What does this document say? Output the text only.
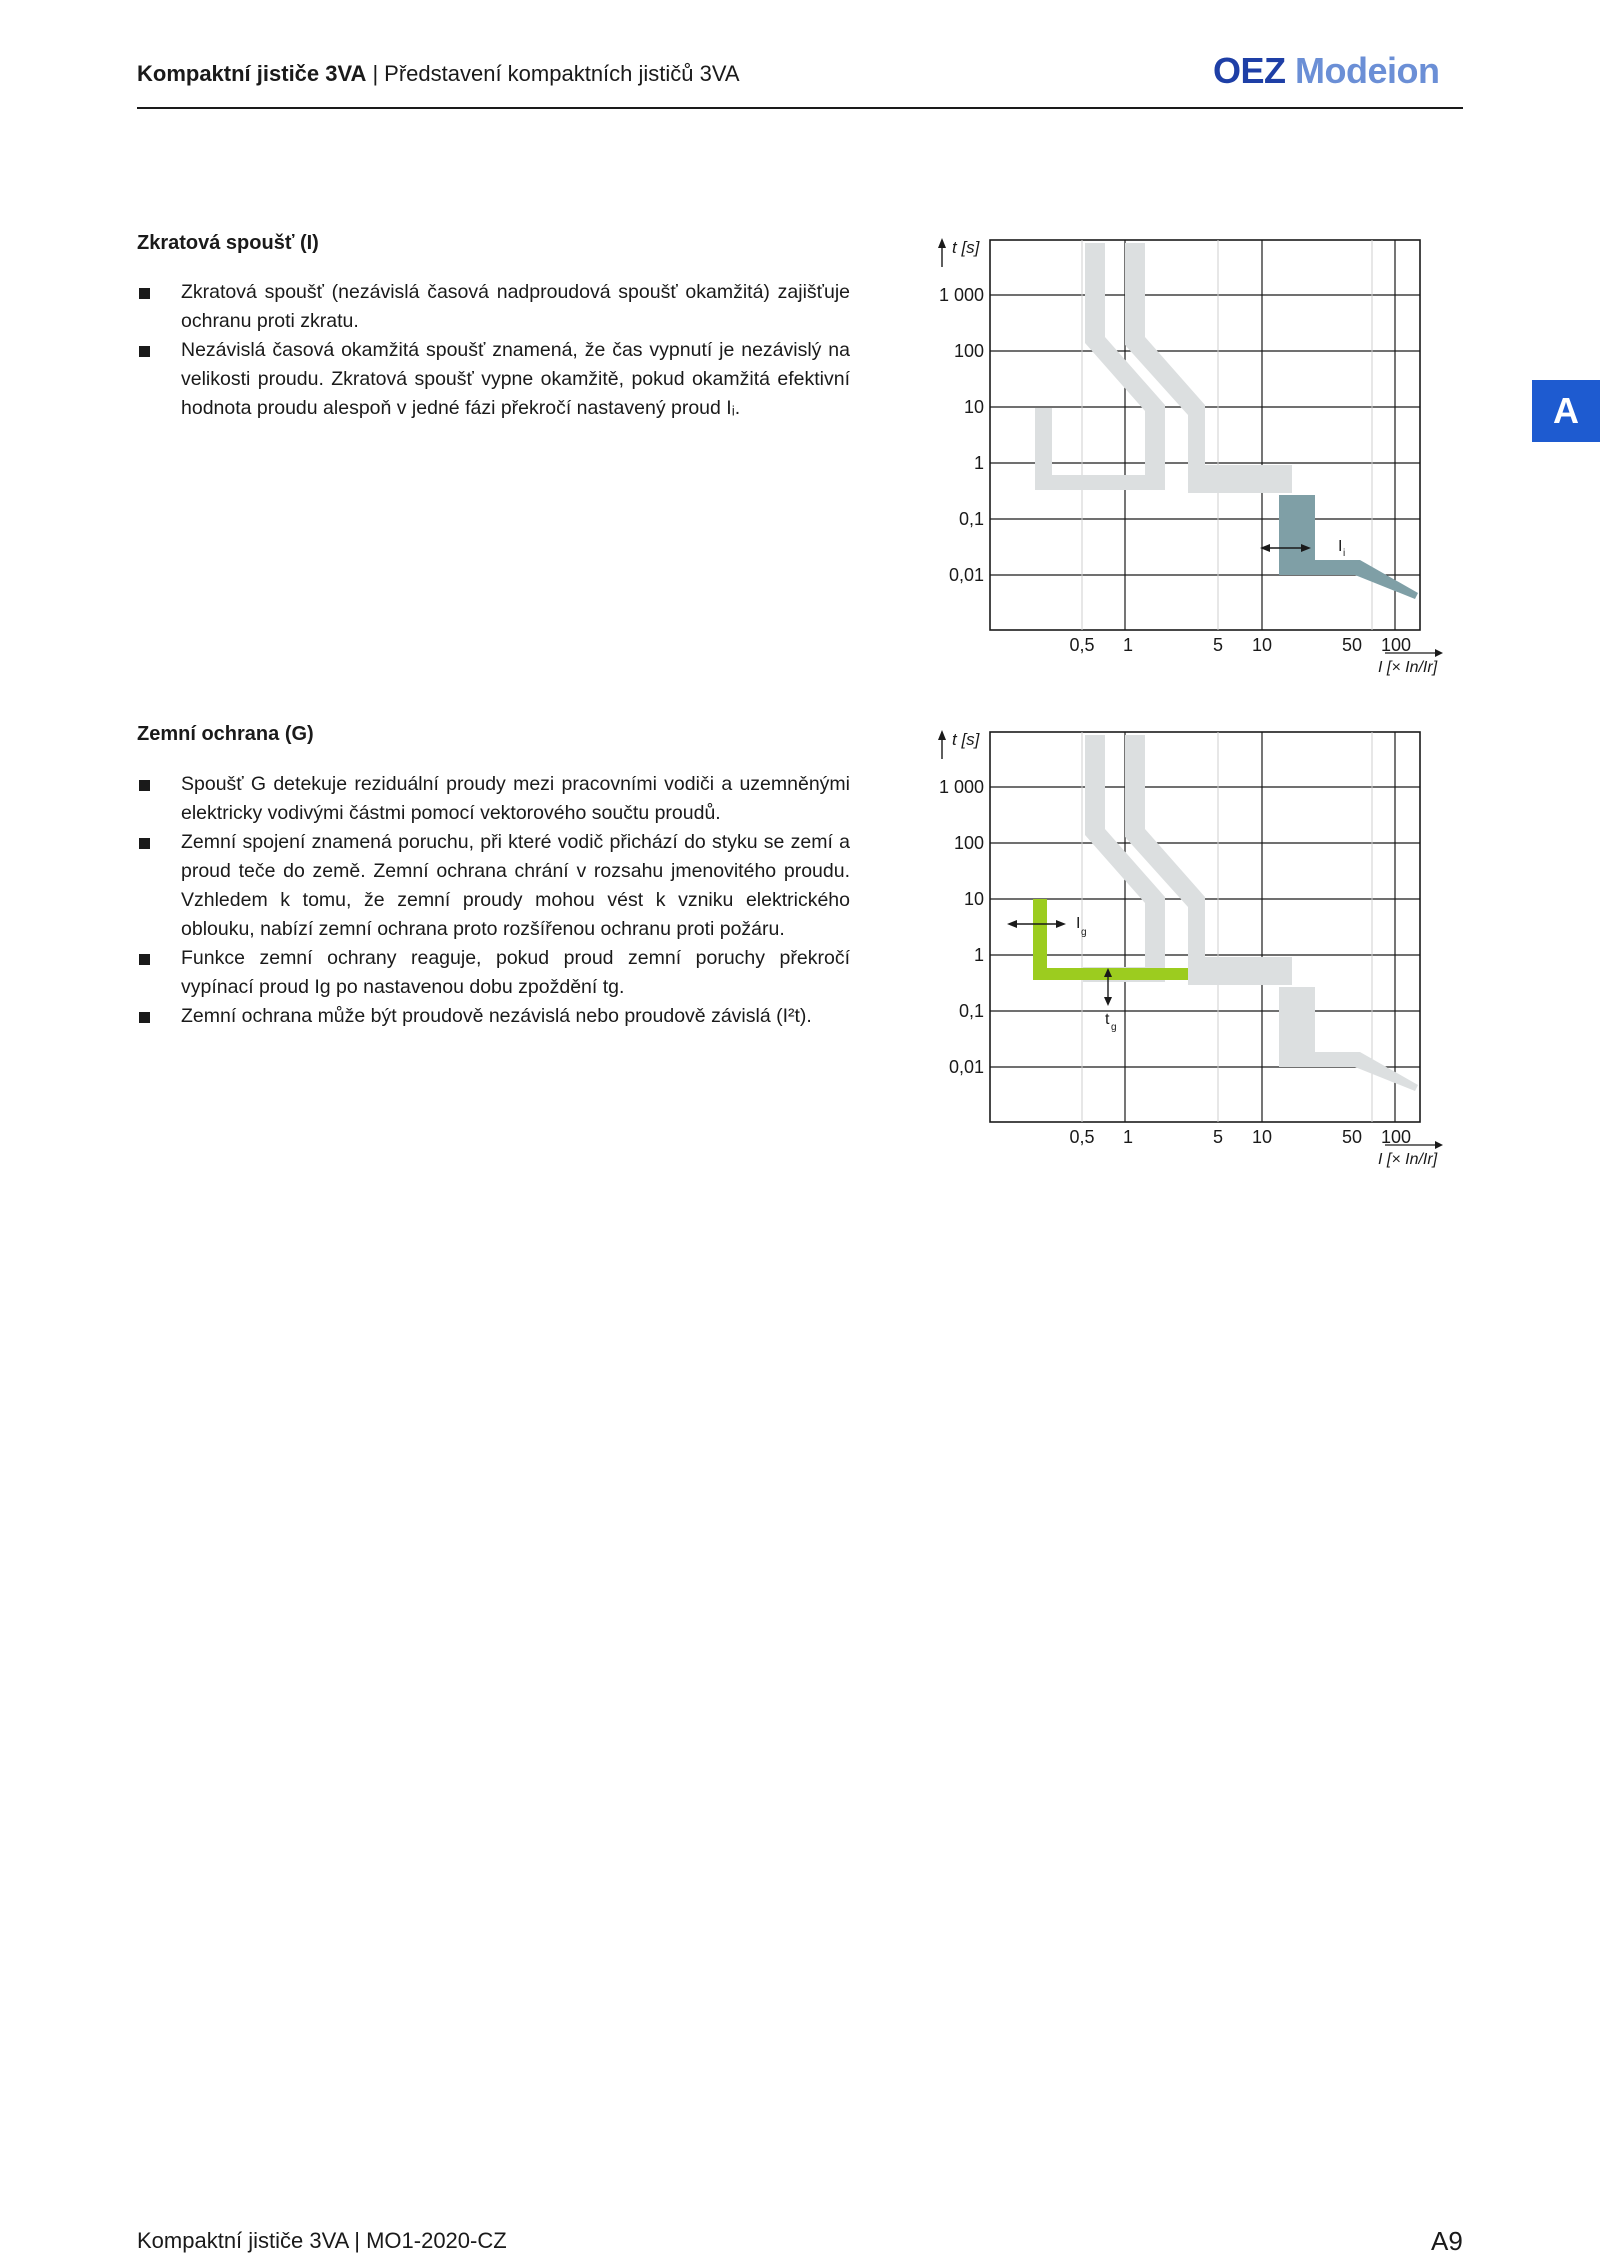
Kompaktní jističe 3VA | Představení kompaktních jističů 3VA	OEZ Modeion
A
Zkratová spoušť (I)
Zkratová spoušť (nezávislá časová nadproudová spoušť okamžitá) zajišťuje ochranu proti zkratu.
Nezávislá časová okamžitá spoušť znamená, že čas vypnutí je nezávislý na velikosti proudu. Zkratová spoušť vypne okamžitě, pokud okamžitá efektivní hodnota proudu alespoň v jedné fázi překročí nastavený proud Iᵢ.
I i
t [s]
1 000
100
10
1
0,1
0,01
0,5 1	5 10	50 100
I [× In/Ir]
Zemní ochrana (G)
Spoušť G detekuje reziduální proudy mezi pracovními vodiči a uzemněnými elektricky vodivými částmi pomocí vektorového součtu proudů.
Zemní spojení znamená poruchu, při které vodič přichází do styku se zemí a proud teče do země. Zemní ochrana chrání v rozsahu jmenovitého proudu. Vzhledem k tomu, že zemní proudy mohou vést k vzniku elektrického oblouku, nabízí zemní ochrana proto rozšířenou ochranu proti požáru.
Funkce zemní ochrany reaguje, pokud proud zemní poruchy překročí vypínací proud Ig po nastavenou dobu zpoždění tg.
Zemní ochrana může být proudově nezávislá nebo proudově závislá (I²t).
I
g
t g
t [s]
1 000
100
10
1
0,1
0,01
0,5 1	5 10	50 100
I [× In/Ir]
Kompaktní jističe 3VA | MO1-2020-CZ	A9
